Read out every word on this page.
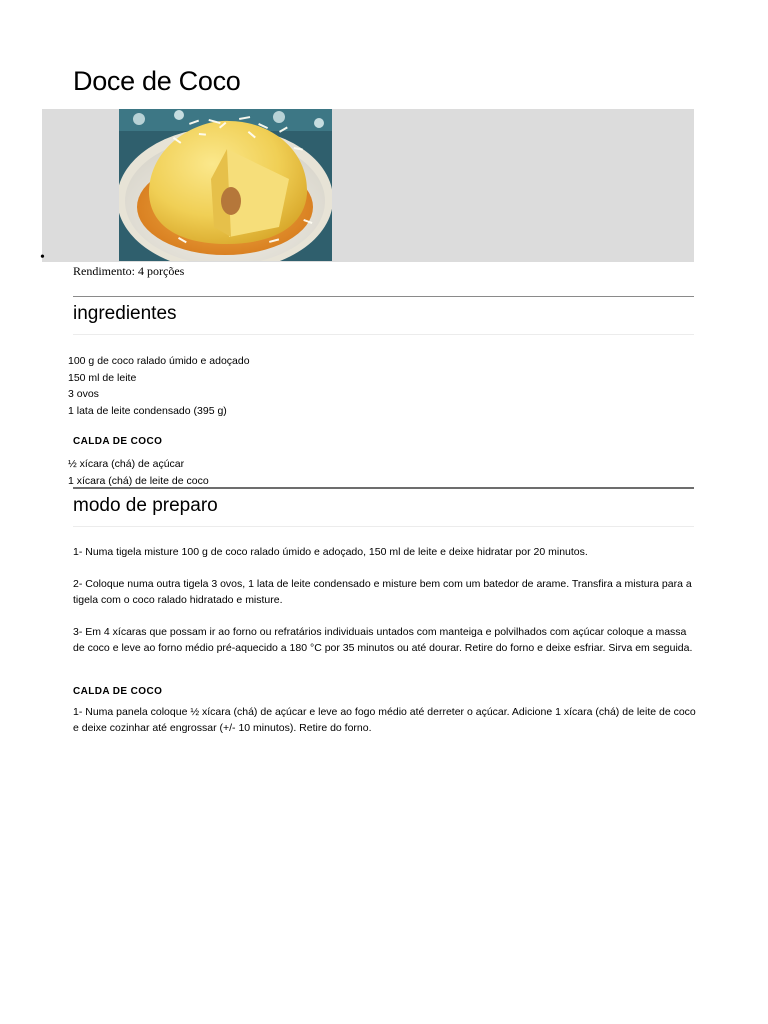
Doce de Coco
•
Rendimento: 4 porções
ingredientes
100 g de coco ralado úmido e adoçado
150 ml de leite
3 ovos
1 lata de leite condensado (395 g)
CALDA DE COCO
½ xícara (chá) de açúcar
1 xícara (chá) de leite de coco
modo de preparo

1- Numa tigela misture 100 g de coco ralado úmido e adoçado, 150 ml de leite e deixe hidratar por 20 minutos.

2- Coloque numa outra tigela 3 ovos, 1 lata de leite condensado e misture bem com um batedor de arame. Transfira a mistura para a tigela com o coco ralado hidratado e misture.

3- Em 4 xícaras que possam ir ao forno ou refratários individuais untados com manteiga e polvilhados com açúcar coloque a massa de coco e leve ao forno médio pré-aquecido a 180 °C por 35 minutos ou até dourar. Retire do forno e deixe esfriar. Sirva em seguida.

CALDA DE COCO

1- Numa panela coloque ½ xícara (chá) de açúcar e leve ao fogo médio até derreter o açúcar. Adicione 1 xícara (chá) de leite de coco e deixe cozinhar até engrossar (+/- 10 minutos). Retire do forno.
